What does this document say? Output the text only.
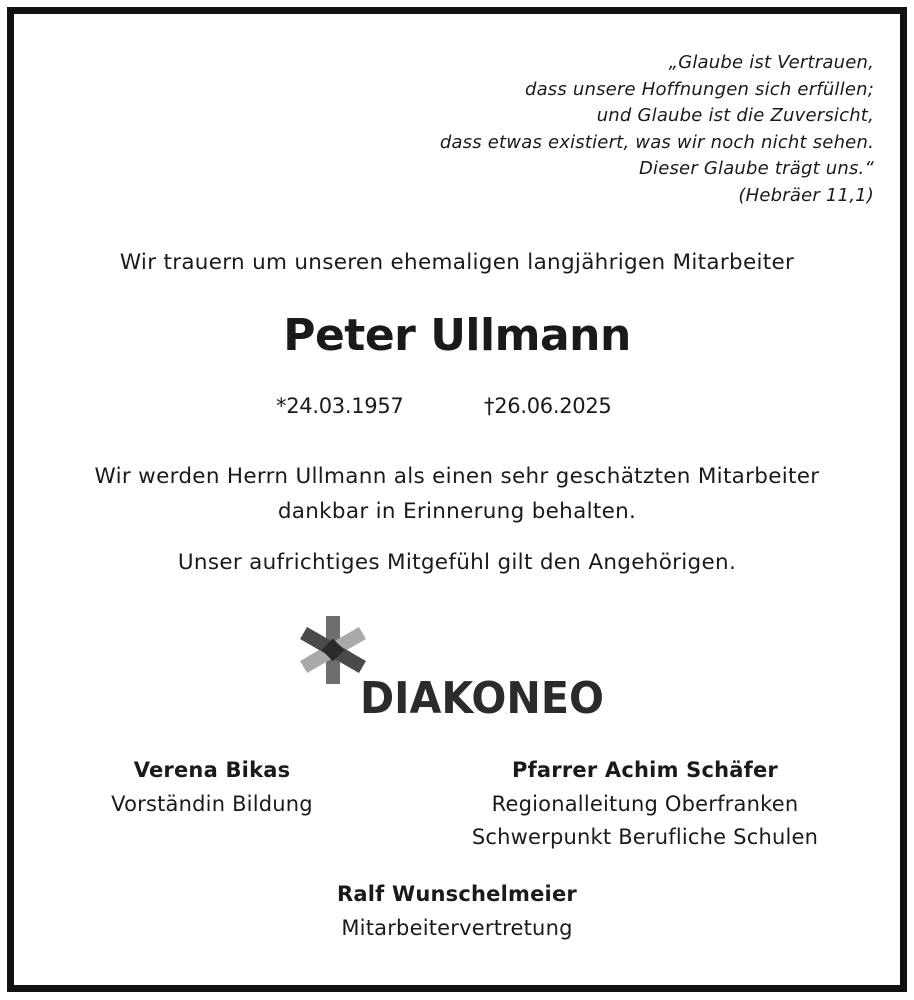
„Glaube ist Vertrauen,
dass unsere Hoffnungen sich erfüllen;
und Glaube ist die Zuversicht,
dass etwas existiert, was wir noch nicht sehen.
Dieser Glaube trägt uns.“
(Hebräer 11,1)
Wir trauern um unseren ehemaligen langjährigen Mitarbeiter
Peter Ullmann
*24.03.1957	†26.06.2025
Wir werden Herrn Ullmann als einen sehr geschätzten Mitarbeiter
dankbar in Erinnerung behalten.
Unser aufrichtiges Mitgefühl gilt den Angehörigen.
DIAKONEO
Verena Bikas
Vorständin Bildung
Pfarrer Achim Schäfer
Regionalleitung Oberfranken
Schwerpunkt Berufliche Schulen
Ralf Wunschelmeier
Mitarbeitervertretung
